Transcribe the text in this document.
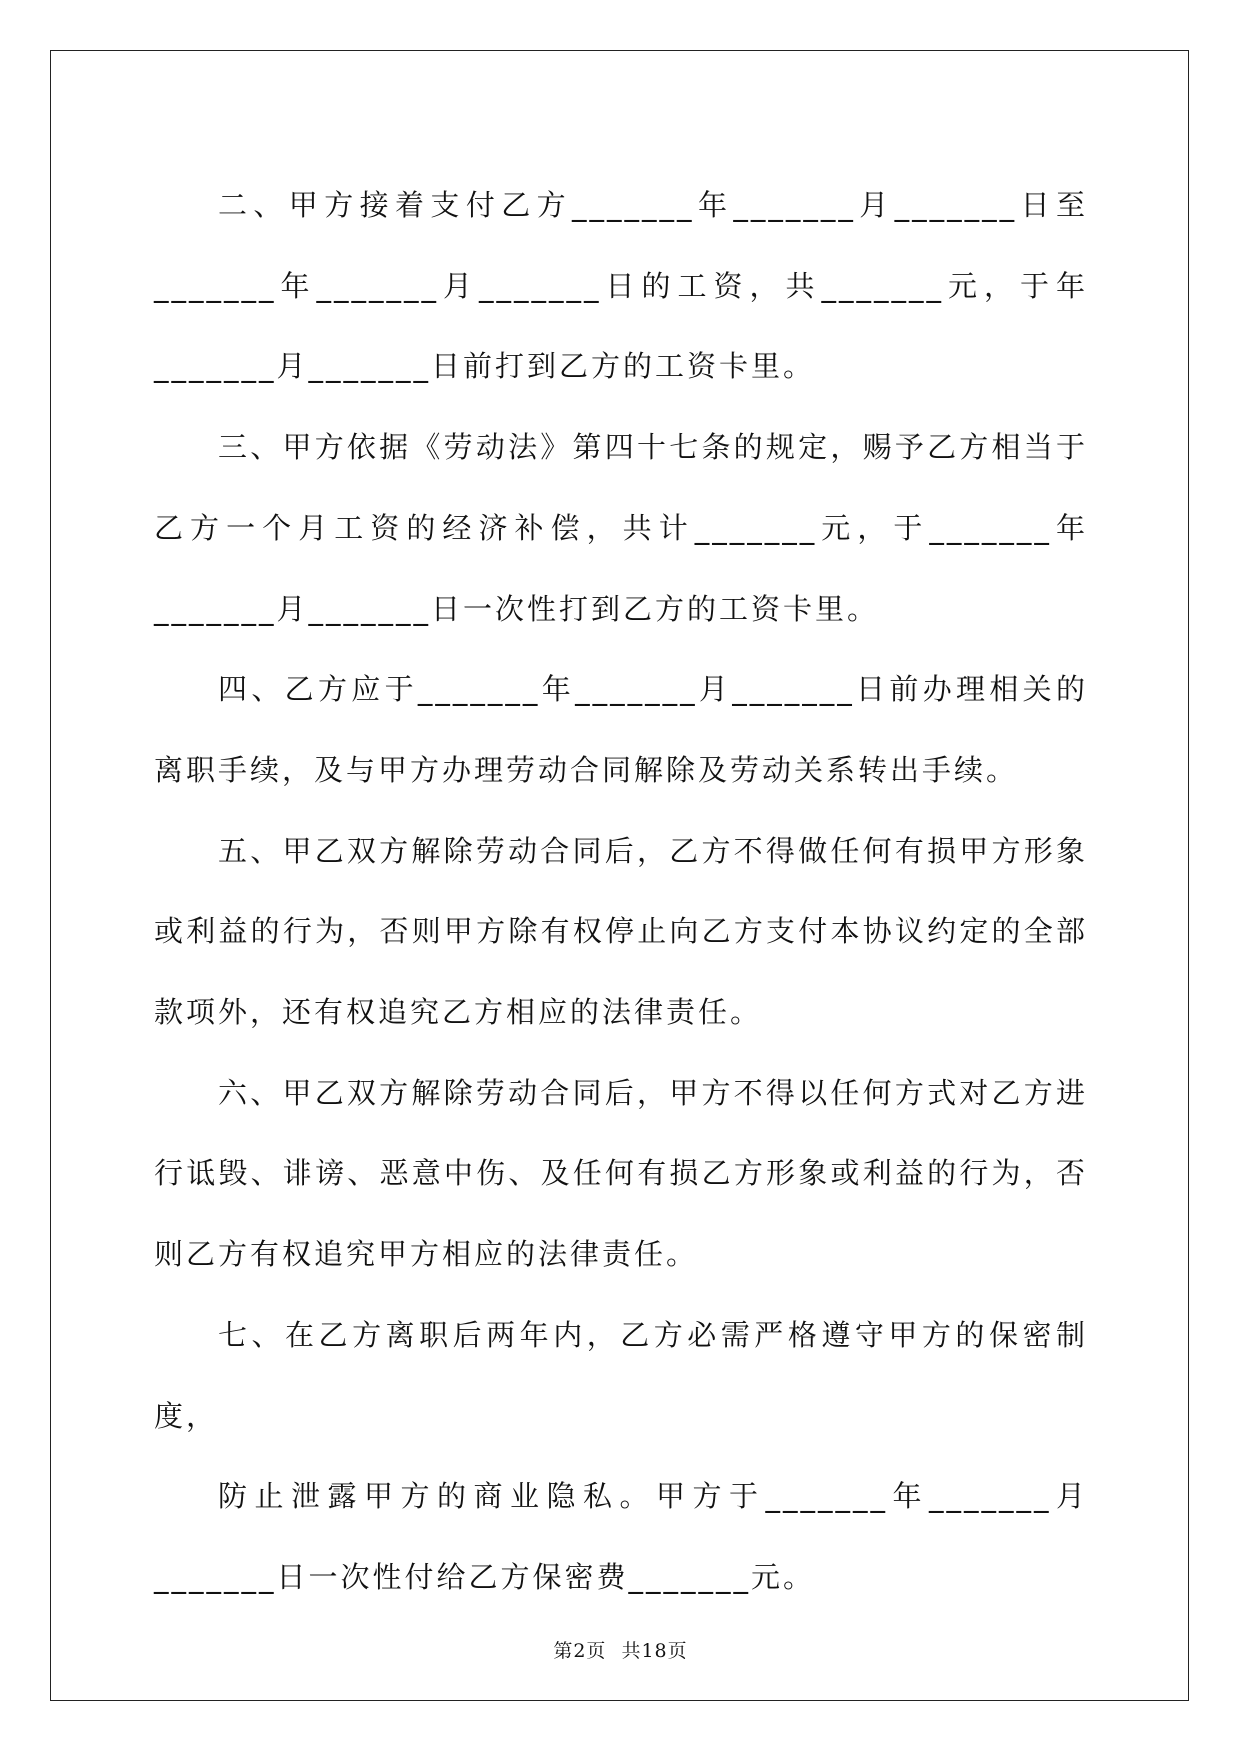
二、甲方接着支付乙方_______年_______月_______日至_______年_______月_______日的工资，共_______元，于年_______月_______日前打到乙方的工资卡里。

三、甲方依据《劳动法》第四十七条的规定，赐予乙方相当于乙方一个月工资的经济补偿，共计_______元，于_______年_______月_______日一次性打到乙方的工资卡里。

四、乙方应于_______年_______月_______日前办理相关的离职手续，及与甲方办理劳动合同解除及劳动关系转出手续。

五、甲乙双方解除劳动合同后，乙方不得做任何有损甲方形象或利益的行为，否则甲方除有权停止向乙方支付本协议约定的全部款项外，还有权追究乙方相应的法律责任。

六、甲乙双方解除劳动合同后，甲方不得以任何方式对乙方进行诋毁、诽谤、恶意中伤、及任何有损乙方形象或利益的行为，否则乙方有权追究甲方相应的法律责任。

七、在乙方离职后两年内，乙方必需严格遵守甲方的保密制度，

防止泄露甲方的商业隐私。甲方于_______年_______月_______日一次性付给乙方保密费_______元。

第2页 共18页
